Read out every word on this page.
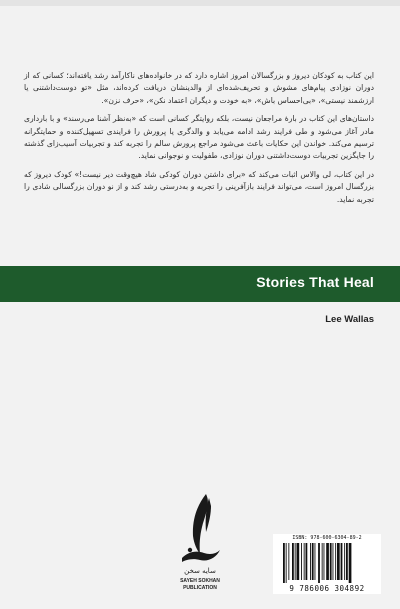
این کتاب به کودکان دیروز و بزرگسالان امروز اشاره دارد که در خانواده‌های ناکارآمد رشد یافته‌اند؛ کسانی که از دوران نوزادی پیام‌های مشوش و تحریف‌شده‌ای از والدینشان دریافت کرده‌اند، مثل «تو دوست‌داشتنی یا ارزشمند نیستی»، «بی‌احساس باش»، «به خودت و دیگران اعتماد نکن»، «حرف نزن».

داستان‌های این کتاب در بارهٔ مراجعان نیست، بلکه روایتگر کسانی است که «به‌نظر آشنا می‌رسند» و با بارداری مادر آغاز می‌شود و طی فرایند رشد ادامه می‌یابد و والدگری یا پرورش را فرایندی تسهیل‌کننده و حمایتگرانه ترسیم می‌کند. خواندن این حکایات باعث می‌شود مراجع پرورش سالم را تجربه کند و تجربیات آسیب‌زای گذشته را جایگزین تجربیات دوست‌داشتنی دوران نوزادی، طفولیت و نوجوانی نماید.

در این کتاب، لی والاس اثبات می‌کند که «برای داشتن دوران کودکی شاد هیچ‌وقت دیر نیست!» کودک دیروز که بزرگسال امروز است، می‌تواند فرایند بازآفرینی را تجربه و به‌درستی رشد کند و از نو دوران بزرگسالی شادی را تجربه نماید.

Stories That Heal
Lee Wallas
سایه سخن
SAYEH SOKHAN
PUBLICATION
ISBN: 978-600-6304-89-2
9 786006 304892
